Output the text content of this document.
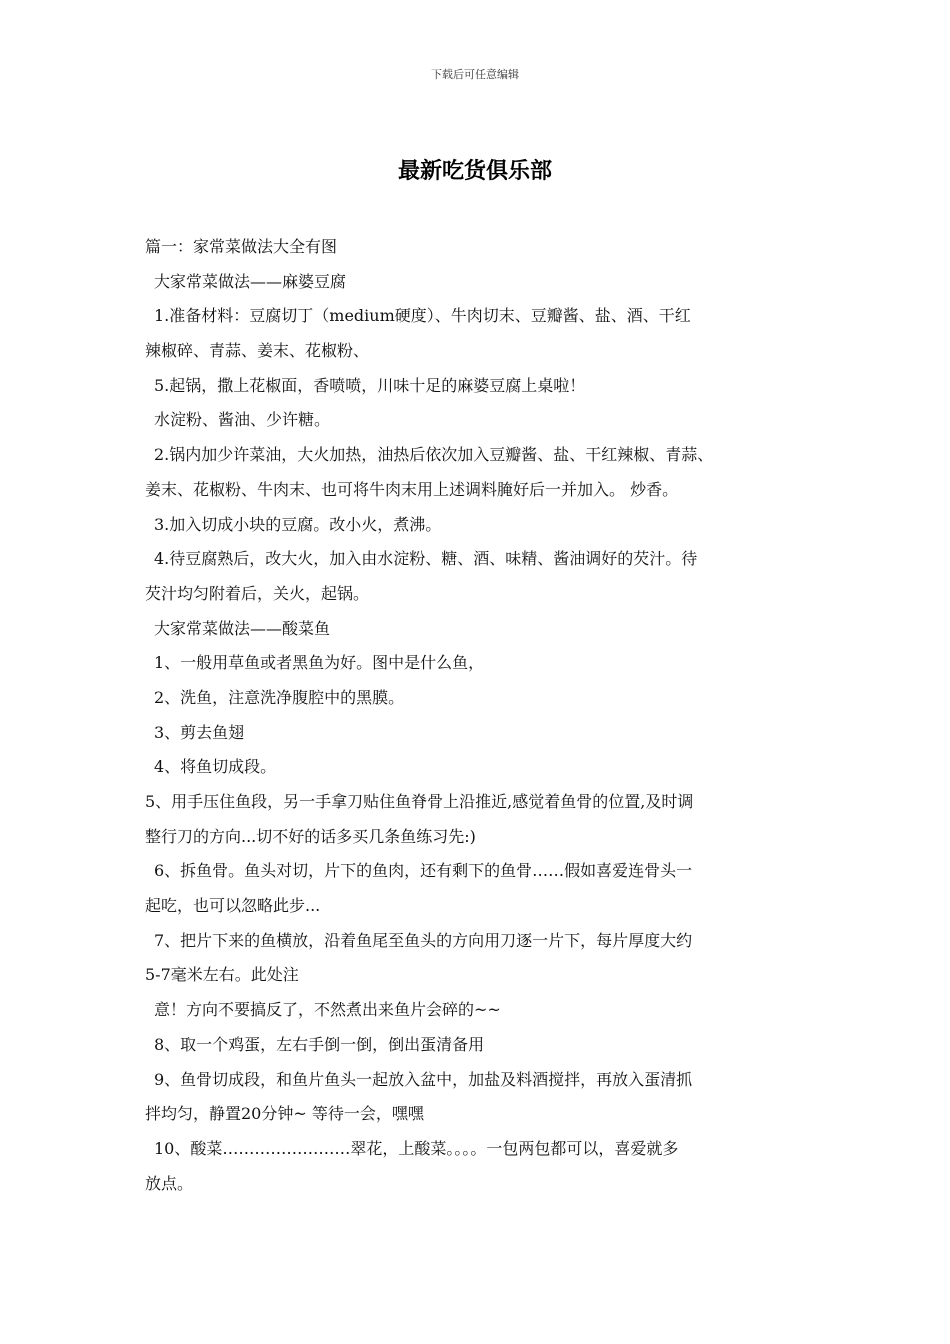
下载后可任意编辑
最新吃货俱乐部
篇一：家常菜做法大全有图
大家常菜做法——麻婆豆腐
1.准备材料：豆腐切丁（medium硬度）、牛肉切末、豆瓣酱、盐、酒、干红
辣椒碎、青蒜、姜末、花椒粉、
5.起锅，撒上花椒面，香喷喷，川味十足的麻婆豆腐上桌啦！
水淀粉、酱油、少许糖。
2.锅内加少许菜油，大火加热，油热后依次加入豆瓣酱、盐、干红辣椒、青蒜、
姜末、花椒粉、牛肉末、也可将牛肉末用上述调料腌好后一并加入。 炒香。
3.加入切成小块的豆腐。改小火，煮沸。
4.待豆腐熟后，改大火，加入由水淀粉、糖、酒、味精、酱油调好的芡汁。待
芡汁均匀附着后，关火，起锅。
大家常菜做法——酸菜鱼
1、一般用草鱼或者黑鱼为好。图中是什么鱼，
2、洗鱼，注意洗净腹腔中的黑膜。
3、剪去鱼翅
4、将鱼切成段。
5、用手压住鱼段，另一手拿刀贴住鱼脊骨上沿推近,感觉着鱼骨的位置,及时调
整行刀的方向...切不好的话多买几条鱼练习先:)
6、拆鱼骨。鱼头对切，片下的鱼肉，还有剩下的鱼骨……假如喜爱连骨头一
起吃，也可以忽略此步...
7、把片下来的鱼横放，沿着鱼尾至鱼头的方向用刀逐一片下，每片厚度大约
5-7毫米左右。此处注
意！方向不要搞反了，不然煮出来鱼片会碎的~~
8、取一个鸡蛋，左右手倒一倒，倒出蛋清备用
9、鱼骨切成段，和鱼片鱼头一起放入盆中，加盐及料酒搅拌，再放入蛋清抓
拌均匀，静置20分钟~ 等待一会，嘿嘿
10、酸菜……………………翠花，上酸菜。。。。一包两包都可以，喜爱就多
放点。
